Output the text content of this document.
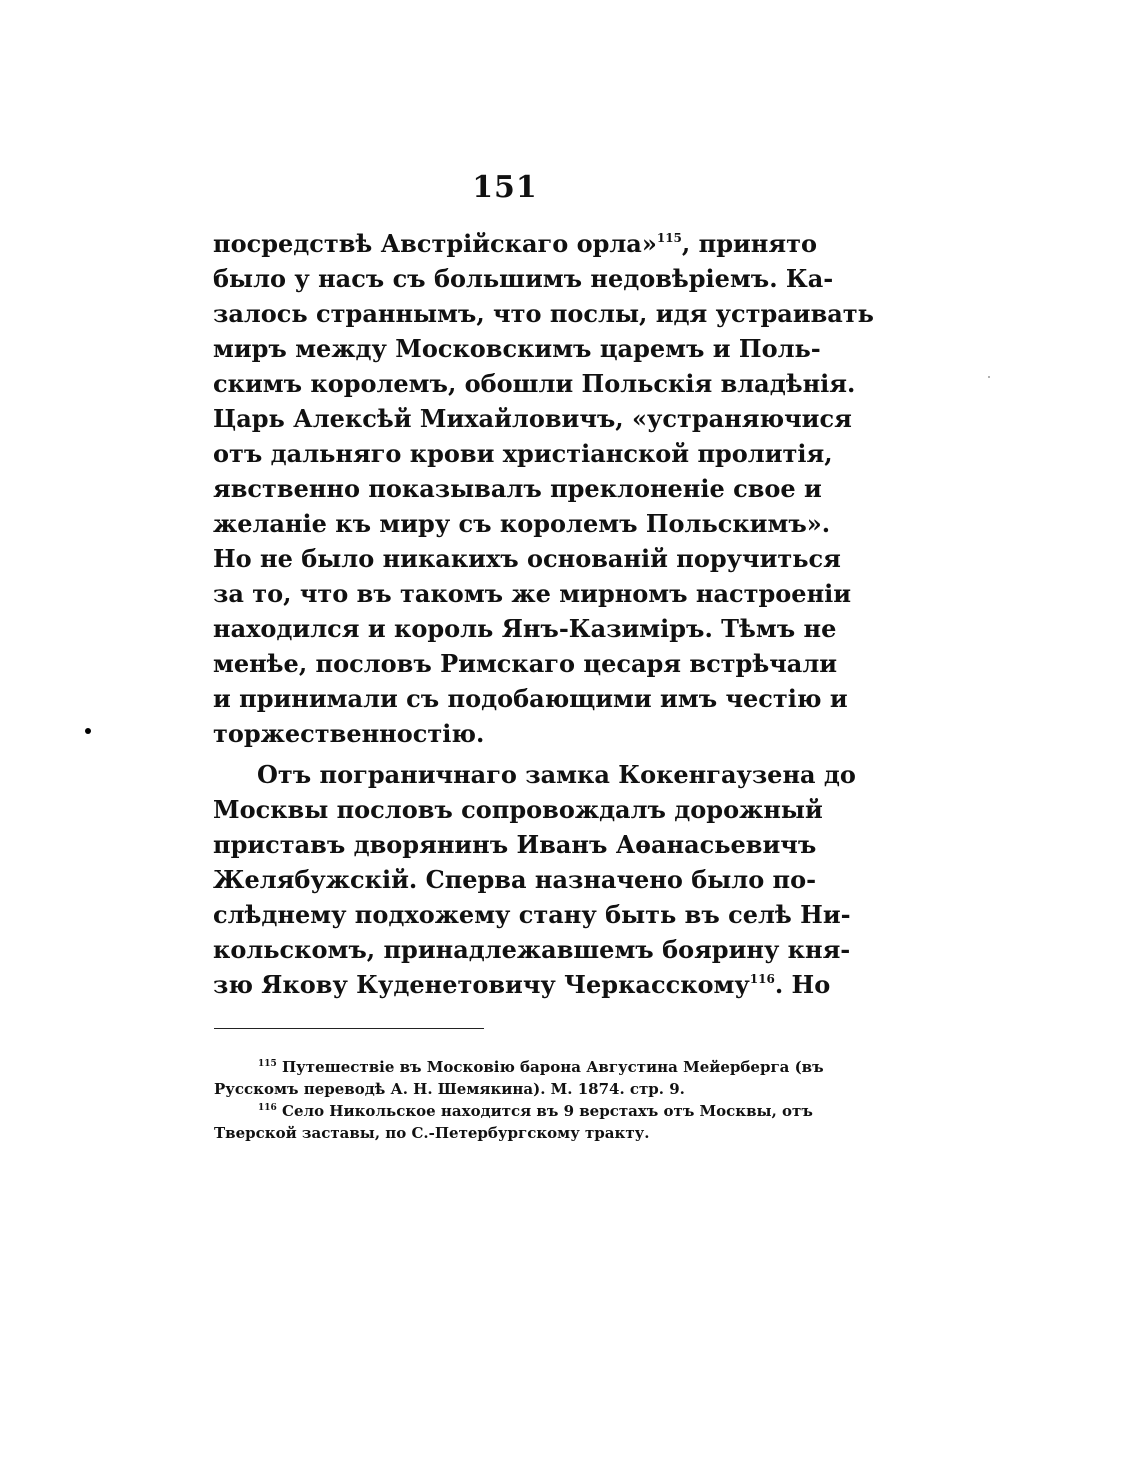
151
посредствѣ Австрійскаго орла»$^{115}$, принято
было у насъ съ большимъ недовѣріемъ. Ка-
залось страннымъ, что послы, идя устраивать
миръ между Московскимъ царемъ и Поль-
скимъ королемъ, обошли Польскія владѣнія.
Царь Алексѣй Михайловичъ, «устраняючися
отъ дальняго крови христіанской пролитія,
явственно показывалъ преклоненіе свое и
желаніе къ миру съ королемъ Польскимъ».
Но не было никакихъ основаній поручиться
за то, что въ такомъ же мирномъ настроеніи
находился и король Янъ-Казиміръ. Тѣмъ не
менѣе, пословъ Римскаго цесаря встрѣчали
и принимали съ подобающими имъ честію и
торжественностію.
Отъ пограничнаго замка Кокенгаузена до
Москвы пословъ сопровождалъ дорожный
приставъ дворянинъ Иванъ Аѳанасьевичъ
Желябужскій. Сперва назначено было по-
слѣднему подхожему стану быть въ селѣ Ни-
кольскомъ, принадлежавшемъ боярину кня-
зю Якову Куденетовичу Черкасскому$^{116}$. Но
$^{115}$ Путешествіе въ Московію барона Августина Мейерберга (въ
Русскомъ переводѣ А. Н. Шемякина). М. 1874. стр. 9.
$^{116}$ Село Никольское находится въ 9 верстахъ отъ Москвы, отъ
Тверской заставы, по С.-Петербургскому тракту.
